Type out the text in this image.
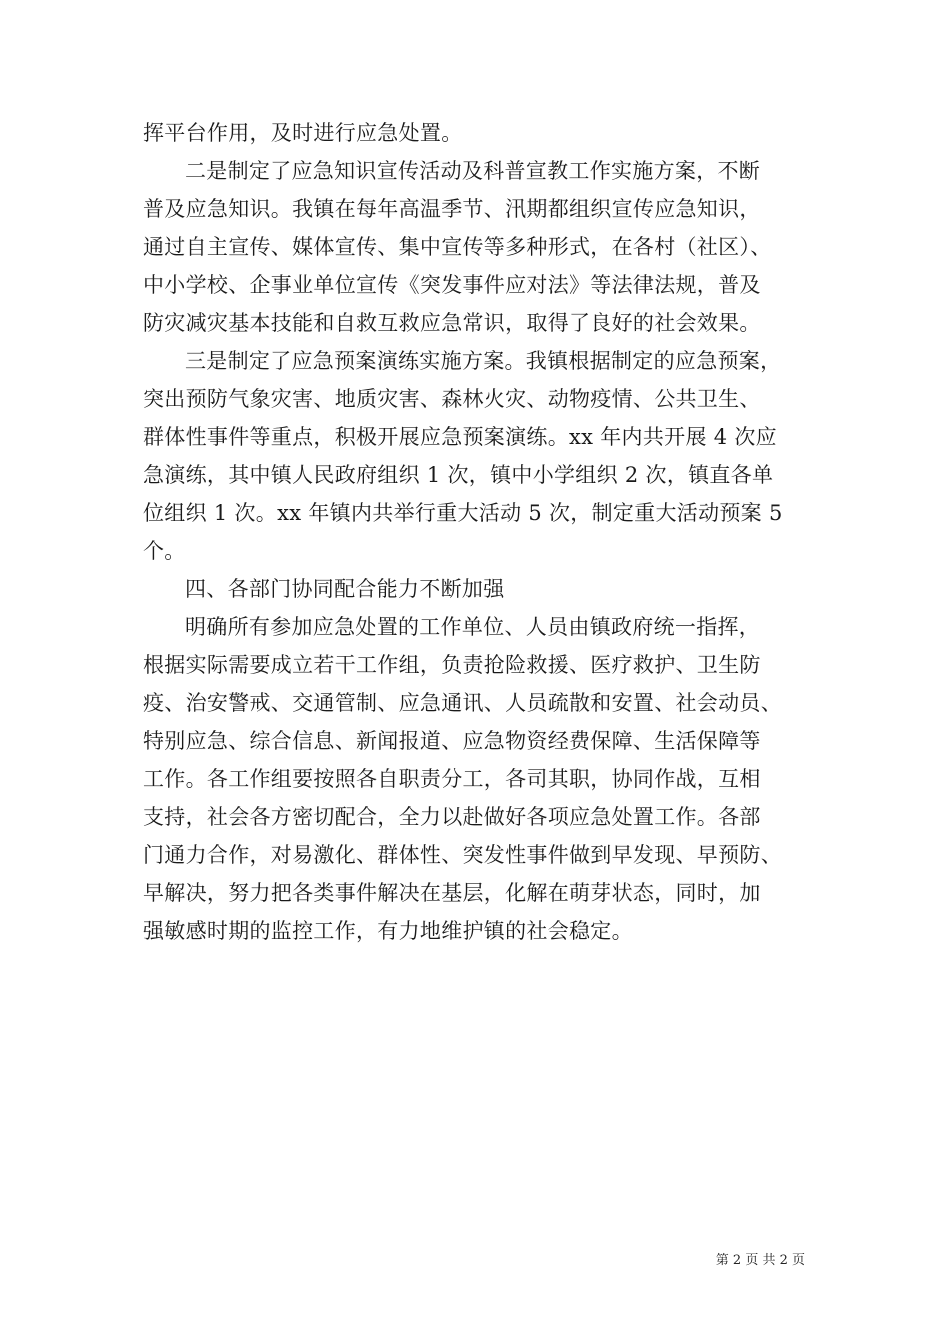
挥平台作用，及时进行应急处置。
二是制定了应急知识宣传活动及科普宣教工作实施方案，不断
普及应急知识。我镇在每年高温季节、汛期都组织宣传应急知识，
通过自主宣传、媒体宣传、集中宣传等多种形式，在各村（社区）、
中小学校、企事业单位宣传《突发事件应对法》等法律法规，普及
防灾减灾基本技能和自救互救应急常识，取得了良好的社会效果。
三是制定了应急预案演练实施方案。我镇根据制定的应急预案，
突出预防气象灾害、地质灾害、森林火灾、动物疫情、公共卫生、
群体性事件等重点，积极开展应急预案演练。xx 年内共开展 4 次应
急演练，其中镇人民政府组织 1 次，镇中小学组织 2 次，镇直各单
位组织 1 次。xx 年镇内共举行重大活动 5 次，制定重大活动预案 5
个。
四、各部门协同配合能力不断加强
明确所有参加应急处置的工作单位、人员由镇政府统一指挥，
根据实际需要成立若干工作组，负责抢险救援、医疗救护、卫生防
疫、治安警戒、交通管制、应急通讯、人员疏散和安置、社会动员、
特别应急、综合信息、新闻报道、应急物资经费保障、生活保障等
工作。各工作组要按照各自职责分工，各司其职，协同作战，互相
支持，社会各方密切配合，全力以赴做好各项应急处置工作。各部
门通力合作，对易激化、群体性、突发性事件做到早发现、早预防、
早解决，努力把各类事件解决在基层，化解在萌芽状态，同时，加
强敏感时期的监控工作，有力地维护镇的社会稳定。
第 2 页 共 2 页
